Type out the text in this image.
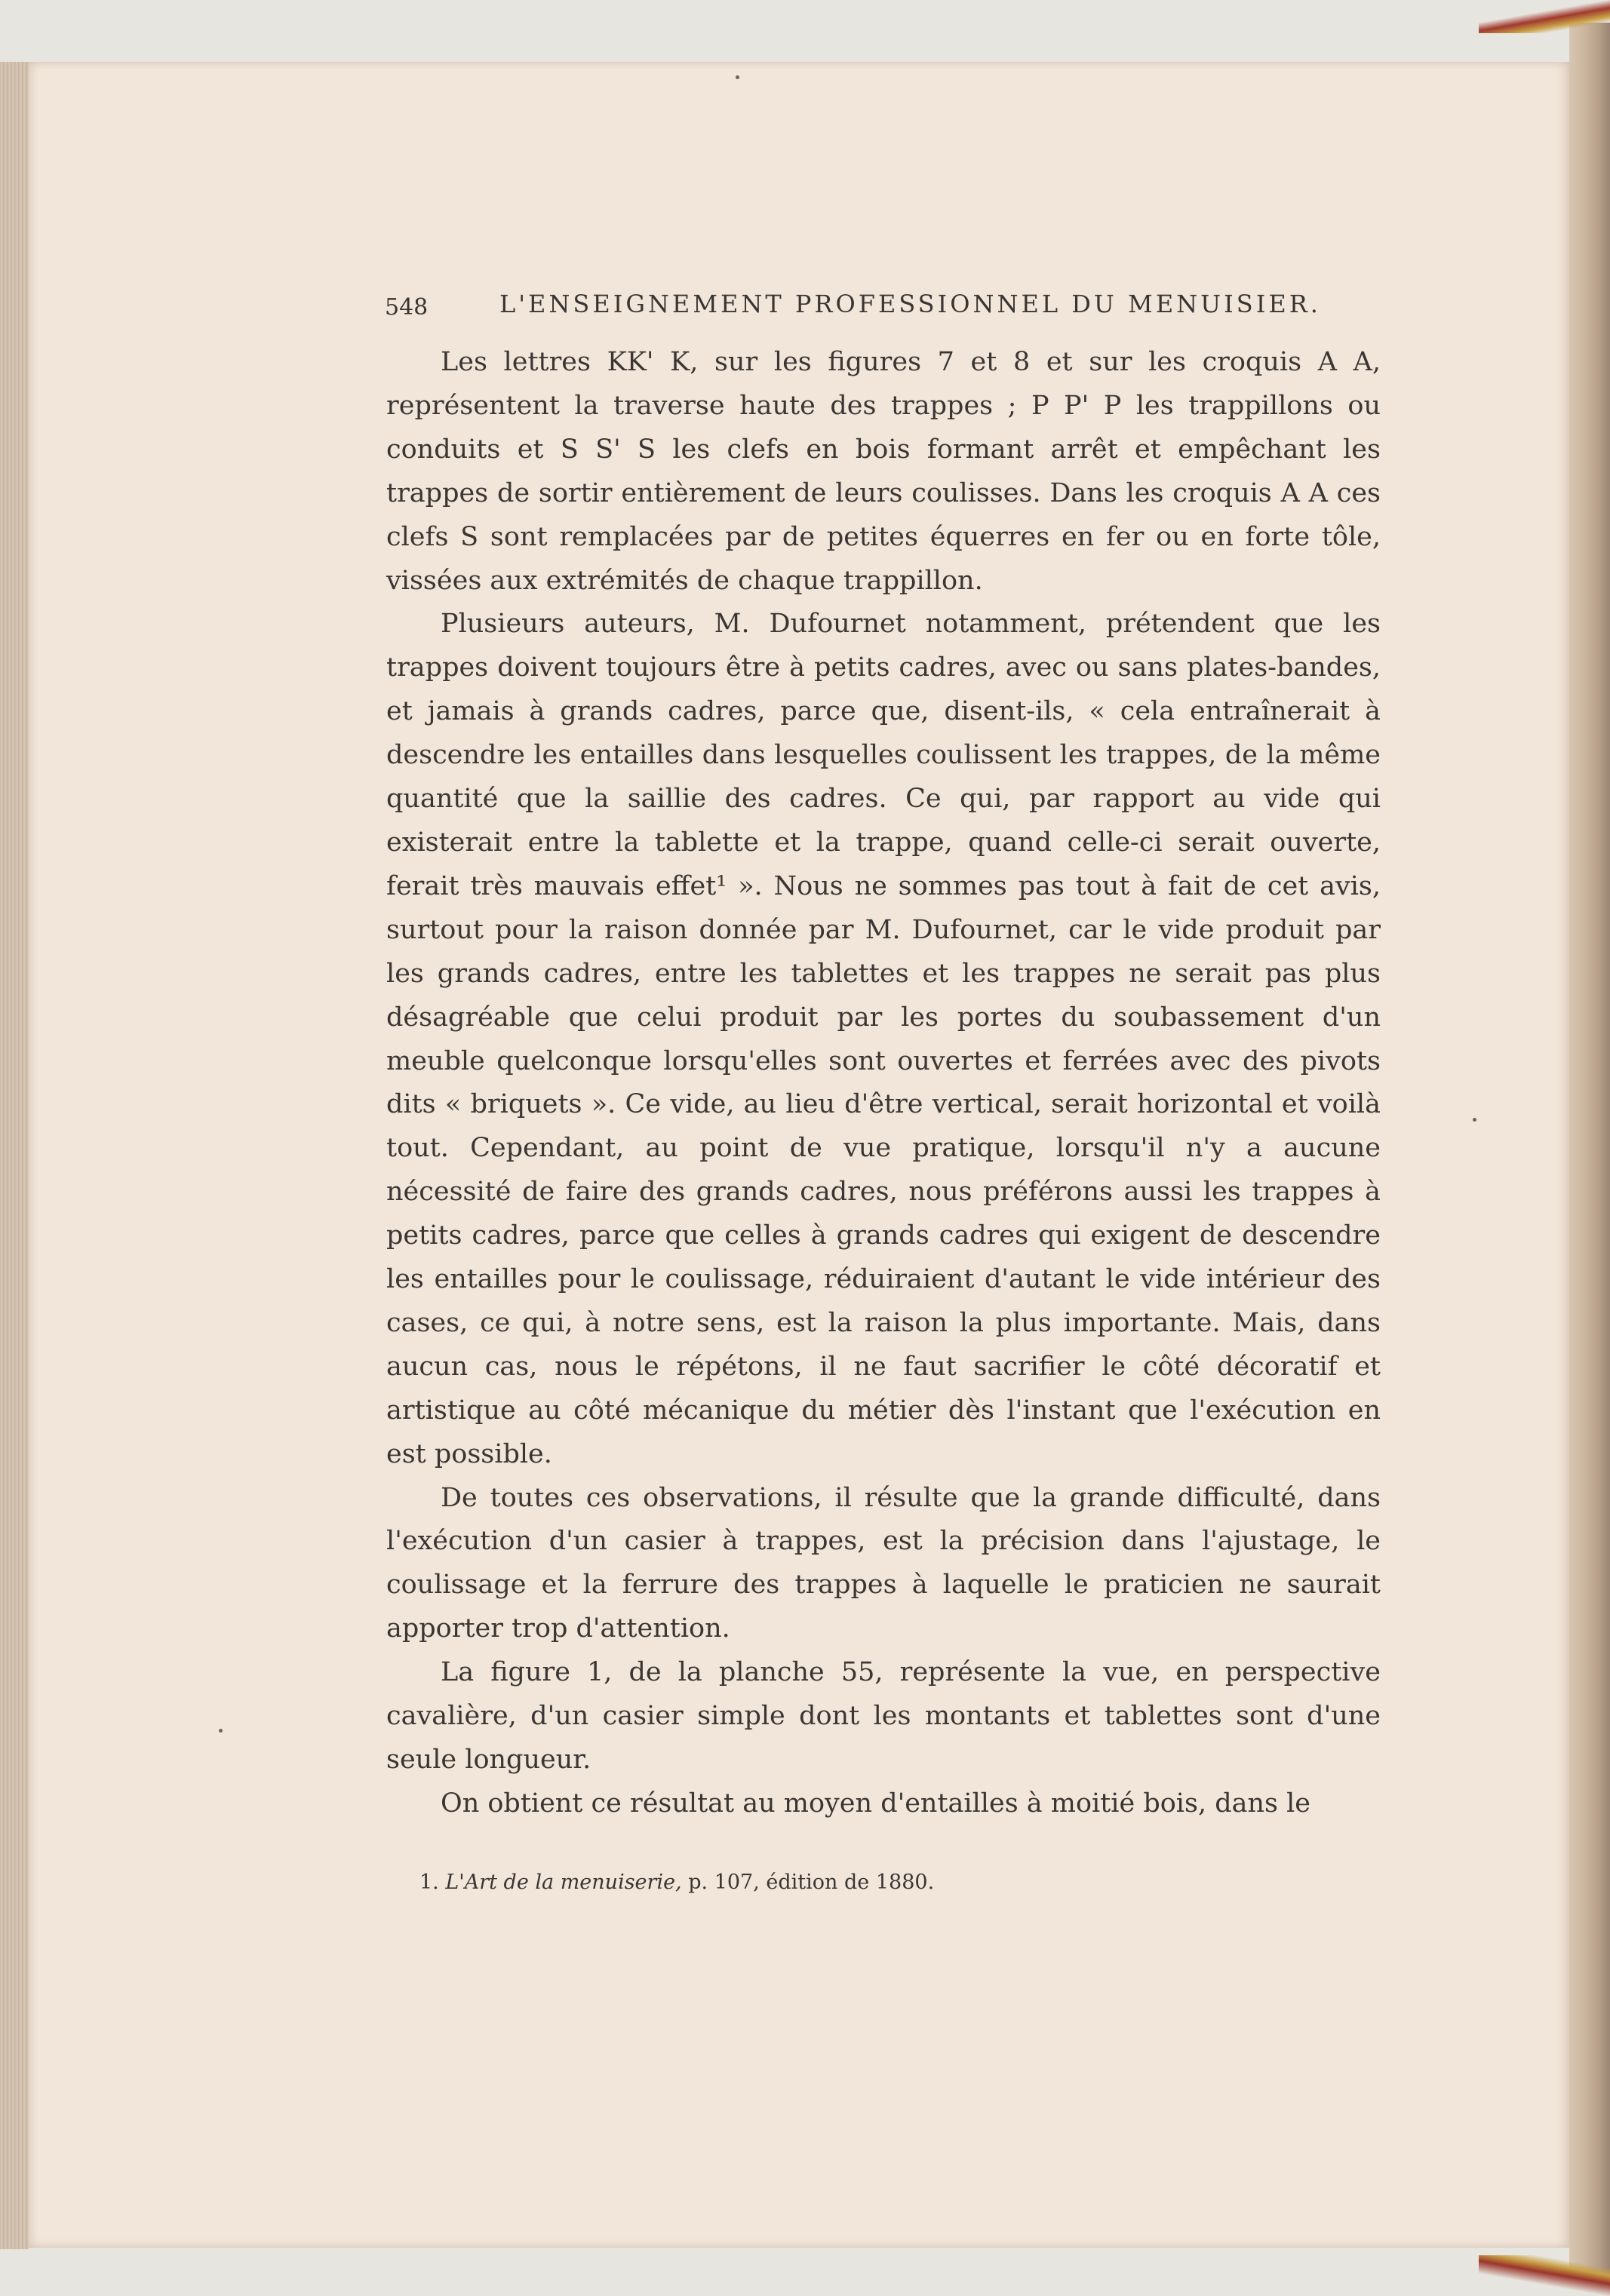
548	L'ENSEIGNEMENT PROFESSIONNEL DU MENUISIER.

Les lettres KK' K, sur les figures 7 et 8 et sur les croquis A A, représentent la traverse haute des trappes ; P P' P les trappillons ou conduits et S S' S les clefs en bois formant arrêt et empêchant les trappes de sortir entièrement de leurs coulisses. Dans les croquis A A ces clefs S sont remplacées par de petites équerres en fer ou en forte tôle, vissées aux extrémités de chaque trappillon.

Plusieurs auteurs, M. Dufournet notamment, prétendent que les trappes doivent toujours être à petits cadres, avec ou sans plates-bandes, et jamais à grands cadres, parce que, disent-ils, « cela entraînerait à descendre les entailles dans lesquelles coulissent les trappes, de la même quantité que la saillie des cadres. Ce qui, par rapport au vide qui existerait entre la tablette et la trappe, quand celle-ci serait ouverte, ferait très mauvais effet¹ ». Nous ne sommes pas tout à fait de cet avis, surtout pour la raison donnée par M. Dufournet, car le vide produit par les grands cadres, entre les tablettes et les trappes ne serait pas plus désagréable que celui produit par les portes du soubassement d'un meuble quelconque lorsqu'elles sont ouvertes et ferrées avec des pivots dits « briquets ». Ce vide, au lieu d'être vertical, serait horizontal et voilà tout. Cependant, au point de vue pratique, lorsqu'il n'y a aucune nécessité de faire des grands cadres, nous préférons aussi les trappes à petits cadres, parce que celles à grands cadres qui exigent de descendre les entailles pour le coulissage, réduiraient d'autant le vide intérieur des cases, ce qui, à notre sens, est la raison la plus importante. Mais, dans aucun cas, nous le répétons, il ne faut sacrifier le côté décoratif et artistique au côté mécanique du métier dès l'instant que l'exécution en est possible.

De toutes ces observations, il résulte que la grande difficulté, dans l'exécution d'un casier à trappes, est la précision dans l'ajustage, le coulissage et la ferrure des trappes à laquelle le praticien ne saurait apporter trop d'attention.

La figure 1, de la planche 55, représente la vue, en perspective cavalière, d'un casier simple dont les montants et tablettes sont d'une seule longueur.

On obtient ce résultat au moyen d'entailles à moitié bois, dans le

1. L'Art de la menuiserie, p. 107, édition de 1880.
